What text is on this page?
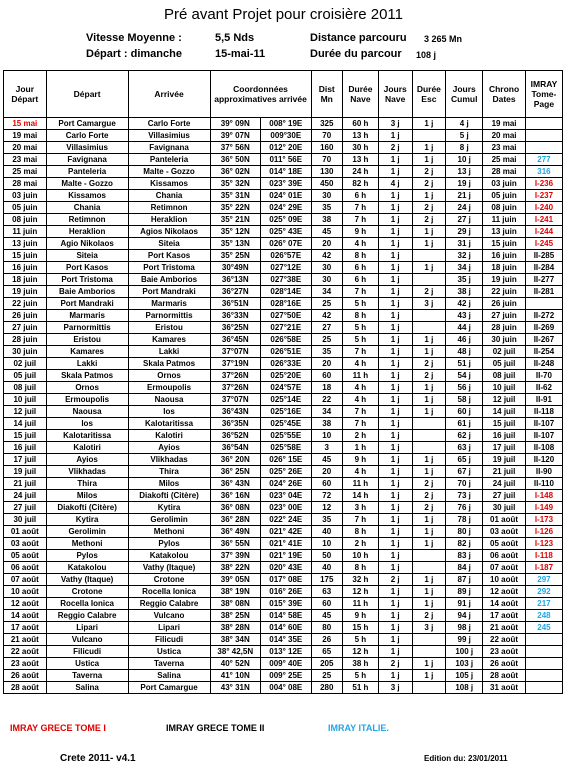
Pré avant Projet pour croisière 2011
Vitesse Moyenne :	5,5 Nds	Distance parcouru	3 265 Mn
Départ : dimanche	15-mai-11	Durée du parcour	108 j
Jour Départ	Départ	Arrivée	Coordonnées approximatives arrivée		Dist Mn	Durée Nave	Jours Nave	Durée Esc	Jours Cumul	Chrono Dates	IMRAY Tome-Page
15 mai	Port Camargue	Carlo Forte	39° 09N	008° 19E	325	60 h	3 j	1 j	4 j	19 mai	
19 mai	Carlo Forte	Villasimius	39° 07N	009°30E	70	13 h	1 j		5 j	20 mai	
20 mai	Villasimius	Favignana	37° 56N	012° 20E	160	30 h	2 j	1 j	8 j	23 mai	
23 mai	Favignana	Panteleria	36° 50N	011° 56E	70	13 h	1 j	1 j	10 j	25 mai	277
25 mai	Panteleria	Malte - Gozzo	36° 02N	014° 18E	130	24 h	1 j	2 j	13 j	28 mai	316
28 mai	Malte - Gozzo	Kissamos	35° 32N	023° 39E	450	82 h	4 j	2 j	19 j	03 juin	I-236
03 juin	Kissamos	Chania	35° 31N	024° 01E	30	6 h	1 j	1 j	21 j	05 juin	I-237
05 juin	Chania	Retimnon	35° 22N	024° 29E	35	7 h	1 j	2 j	24 j	08 juin	I-240
08 juin	Retimnon	Heraklion	35° 21N	025° 09E	38	7 h	1 j	2 j	27 j	11 juin	I-241
11 juin	Heraklion	Agios Nikolaos	35° 12N	025° 43E	45	9 h	1 j	1 j	29 j	13 juin	I-244
13 juin	Agio Nikolaos	Siteia	35° 13N	026° 07E	20	4 h	1 j	1 j	31 j	15 juin	I-245
15 juin	Siteia	Port Kasos	35° 25N	026°57E	42	8 h	1 j		32 j	16 juin	II-285
16 juin	Port Kasos	Port Tristoma	30°49N	027°12E	30	6 h	1 j	1 j	34 j	18 juin	II-284
18 juin	Port Tristoma	Baie Amborios	36°13N	027°38E	30	6 h	1 j		35 j	19 juin	II-277
19 juin	Baie Amborios	Port Mandraki	36°27N	028°14E	34	7 h	1 j	2 j	38 j	22 juin	II-281
22 juin	Port Mandraki	Marmaris	36°51N	028°16E	25	5 h	1 j	3 j	42 j	26 juin	
26 juin	Marmaris	Parnormittis	36°33N	027°50E	42	8 h	1 j		43 j	27 juin	II-272
27 juin	Parnormittis	Eristou	36°25N	027°21E	27	5 h	1 j		44 j	28 juin	II-269
28 juin	Eristou	Kamares	36°45N	026°58E	25	5 h	1 j	1 j	46 j	30 juin	II-267
30 juin	Kamares	Lakki	37°07N	026°51E	35	7 h	1 j	1 j	48 j	02 juil	II-254
02 juil	Lakki	Skala Patmos	37°19N	026°33E	20	4 h	1 j	2 j	51 j	05 juil	II-248
05 juil	Skala Patmos	Ornos	37°26N	025°20E	60	11 h	1 j	2 j	54 j	08 juil	II-70
08 juil	Ornos	Ermoupolis	37°26N	024°57E	18	4 h	1 j	1 j	56 j	10 juil	II-62
10 juil	Ermoupolis	Naousa	37°07N	025°14E	22	4 h	1 j	1 j	58 j	12 juil	II-91
12 juil	Naousa	Ios	36°43N	025°16E	34	7 h	1 j	1 j	60 j	14 juil	II-118
14 juil	Ios	Kalotaritissa	36°35N	025°45E	38	7 h	1 j		61 j	15 juil	II-107
15 juil	Kalotaritissa	Kalotiri	36°52N	025°55E	10	2 h	1 j		62 j	16 juil	II-107
16 juil	Kalotiri	Ayios	36°54N	025°58E	3	1 h	1 j		63 j	17 juil	II-108
17 juil	Ayios	Vlikhadas	36° 20N	026° 15E	45	9 h	1 j	1 j	65 j	19 juil	II-120
19 juil	Vlikhadas	Thira	36° 25N	025° 26E	20	4 h	1 j	1 j	67 j	21 juil	II-90
21 juil	Thira	Milos	36° 43N	024° 26E	60	11 h	1 j	2 j	70 j	24 juil	II-110
24 juil	Milos	Diakofti (Citère)	36° 16N	023° 04E	72	14 h	1 j	2 j	73 j	27 juil	I-148
27 juil	Diakofti (Citère)	Kytira	36° 08N	023° 00E	12	3 h	1 j	2 j	76 j	30 juil	I-149
30 juil	Kytira	Gerolimin	36° 28N	022° 24E	35	7 h	1 j	1 j	78 j	01 août	I-173
01 août	Gerolimin	Methoni	36° 49N	021° 42E	40	8 h	1 j	1 j	80 j	03 août	I-126
03 août	Methoni	Pylos	36° 55N	021° 41E	10	2 h	1 j	1 j	82 j	05 août	I-123
05 août	Pylos	Katakolou	37° 39N	021° 19E	50	10 h	1 j		83 j	06 août	I-118
06 août	Katakolou	Vathy (Itaque)	38° 22N	020° 43E	40	8 h	1 j		84 j	07 août	I-187
07 août	Vathy (Itaque)	Crotone	39° 05N	017° 08E	175	32 h	2 j	1 j	87 j	10 août	297
10 août	Crotone	Rocella Ionica	38° 19N	016° 26E	63	12 h	1 j	1 j	89 j	12 août	292
12 août	Rocella Ionica	Reggio Calabre	38° 08N	015° 39E	60	11 h	1 j	1 j	91 j	14 août	217
14 août	Reggio Calabre	Vulcano	38° 25N	014° 58E	45	9 h	1 j	2 j	94 j	17 août	248
17 août	Lipari	Lipari	38° 28N	014° 60E	80	15 h	1 j	3 j	98 j	21 août	245
21 août	Vulcano	Filicudi	38° 34N	014° 35E	26	5 h	1 j		99 j	22 août	
22 août	Filicudi	Ustica	38° 42,5N	013° 12E	65	12 h	1 j		100 j	23 août	
23 août	Ustica	Taverna	40° 52N	009° 40E	205	38 h	2 j	1 j	103 j	26 août	
26 août	Taverna	Salina	41° 10N	009° 25E	25	5 h	1 j	1 j	105 j	28 août	
28 août	Salina	Port Camargue	43° 31N	004° 08E	280	51 h	3 j		108 j	31 août	
IMRAY GRECE TOME I	IMRAY GRECE TOME II	IMRAY ITALIE.
Crete 2011- v4.1	Edition du: 23/01/2011
